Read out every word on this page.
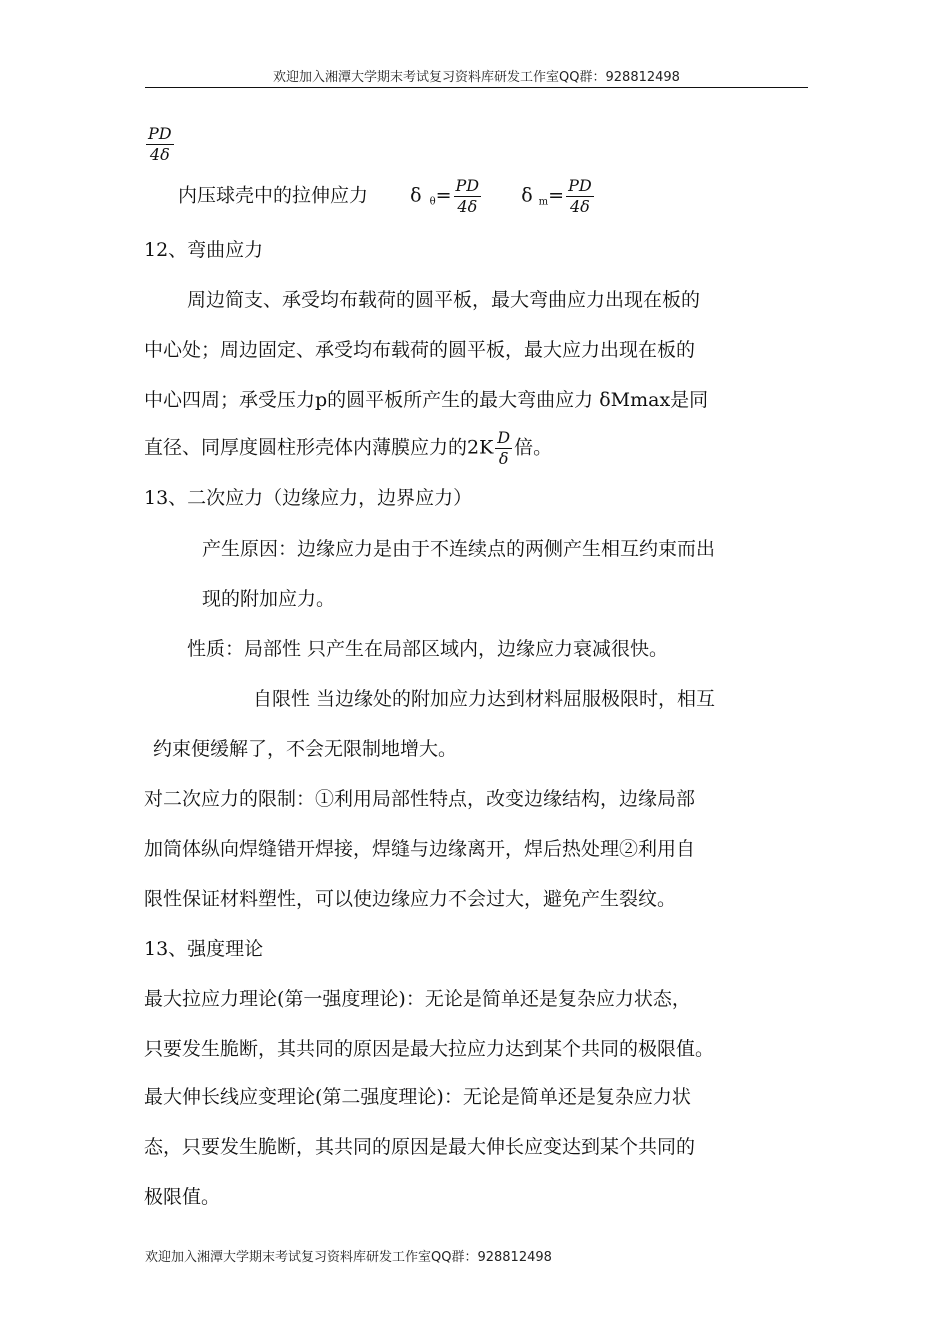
欢迎加入湘潭大学期末考试复习资料库研发工作室QQ群：928812498
$\frac{PD}{4\delta}$
内压球壳中的拉伸应力 δ $_\theta= \frac{PD}{4\delta}$ δ $_m= \frac{PD}{4\delta}$
12、弯曲应力
周边简支、承受均布载荷的圆平板，最大弯曲应力出现在板的
中心处；周边固定、承受均布载荷的圆平板，最大应力出现在板的
中心四周；承受压力p的圆平板所产生的最大弯曲应力 δMmax是同
直径、同厚度圆柱形壳体内薄膜应力的$2K \frac{D}{\delta}$ 倍。
13、二次应力（边缘应力，边界应力）
产生原因：边缘应力是由于不连续点的两侧产生相互约束而出
现的附加应力。
性质：局部性 只产生在局部区域内，边缘应力衰减很快。
自限性 当边缘处的附加应力达到材料屈服极限时，相互
约束便缓解了，不会无限制地增大。
对二次应力的限制：①利用局部性特点，改变边缘结构，边缘局部
加筒体纵向焊缝错开焊接，焊缝与边缘离开，焊后热处理②利用自
限性保证材料塑性，可以使边缘应力不会过大，避免产生裂纹。
13、强度理论
最大拉应力理论(第一强度理论)：无论是简单还是复杂应力状态，
只要发生脆断，其共同的原因是最大拉应力达到某个共同的极限值。
最大伸长线应变理论(第二强度理论)：无论是简单还是复杂应力状
态，只要发生脆断，其共同的原因是最大伸长应变达到某个共同的
极限值。
欢迎加入湘潭大学期末考试复习资料库研发工作室QQ群：928812498
